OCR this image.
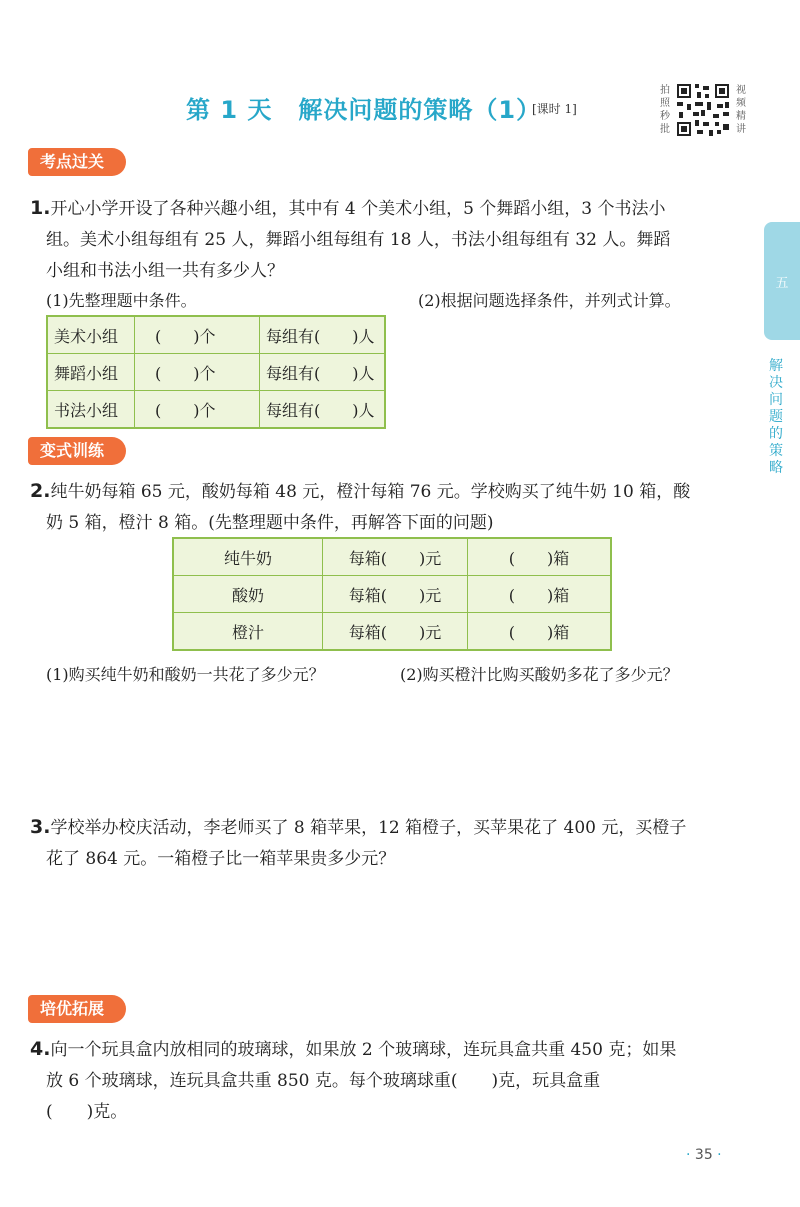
第 1 天 解决问题的策略（1）
[课时 1]
拍照秒批
视频精讲
五
解决问题的策略
考点过关
1.开心小学开设了各种兴趣小组，其中有 4 个美术小组，5 个舞蹈小组，3 个书法小
组。美术小组每组有 25 人，舞蹈小组每组有 18 人，书法小组每组有 32 人。舞蹈
小组和书法小组一共有多少人？
(1)先整理题中条件。	(2)根据问题选择条件，并列式计算。
美术小组	(　　)个	每组有(　　)人
舞蹈小组	(　　)个	每组有(　　)人
书法小组	(　　)个	每组有(　　)人
变式训练
2.纯牛奶每箱 65 元，酸奶每箱 48 元，橙汁每箱 76 元。学校购买了纯牛奶 10 箱，酸
奶 5 箱，橙汁 8 箱。(先整理题中条件，再解答下面的问题)
纯牛奶	每箱(　　)元	(　　)箱
酸奶	每箱(　　)元	(　　)箱
橙汁	每箱(　　)元	(　　)箱
(1)购买纯牛奶和酸奶一共花了多少元？	(2)购买橙汁比购买酸奶多花了多少元？
3.学校举办校庆活动，李老师买了 8 箱苹果，12 箱橙子，买苹果花了 400 元，买橙子
花了 864 元。一箱橙子比一箱苹果贵多少元？
培优拓展
4.向一个玩具盒内放相同的玻璃球，如果放 2 个玻璃球，连玩具盒共重 450 克；如果
放 6 个玻璃球，连玩具盒共重 850 克。每个玻璃球重(　　)克，玩具盒重
(　　)克。
· 35 ·
